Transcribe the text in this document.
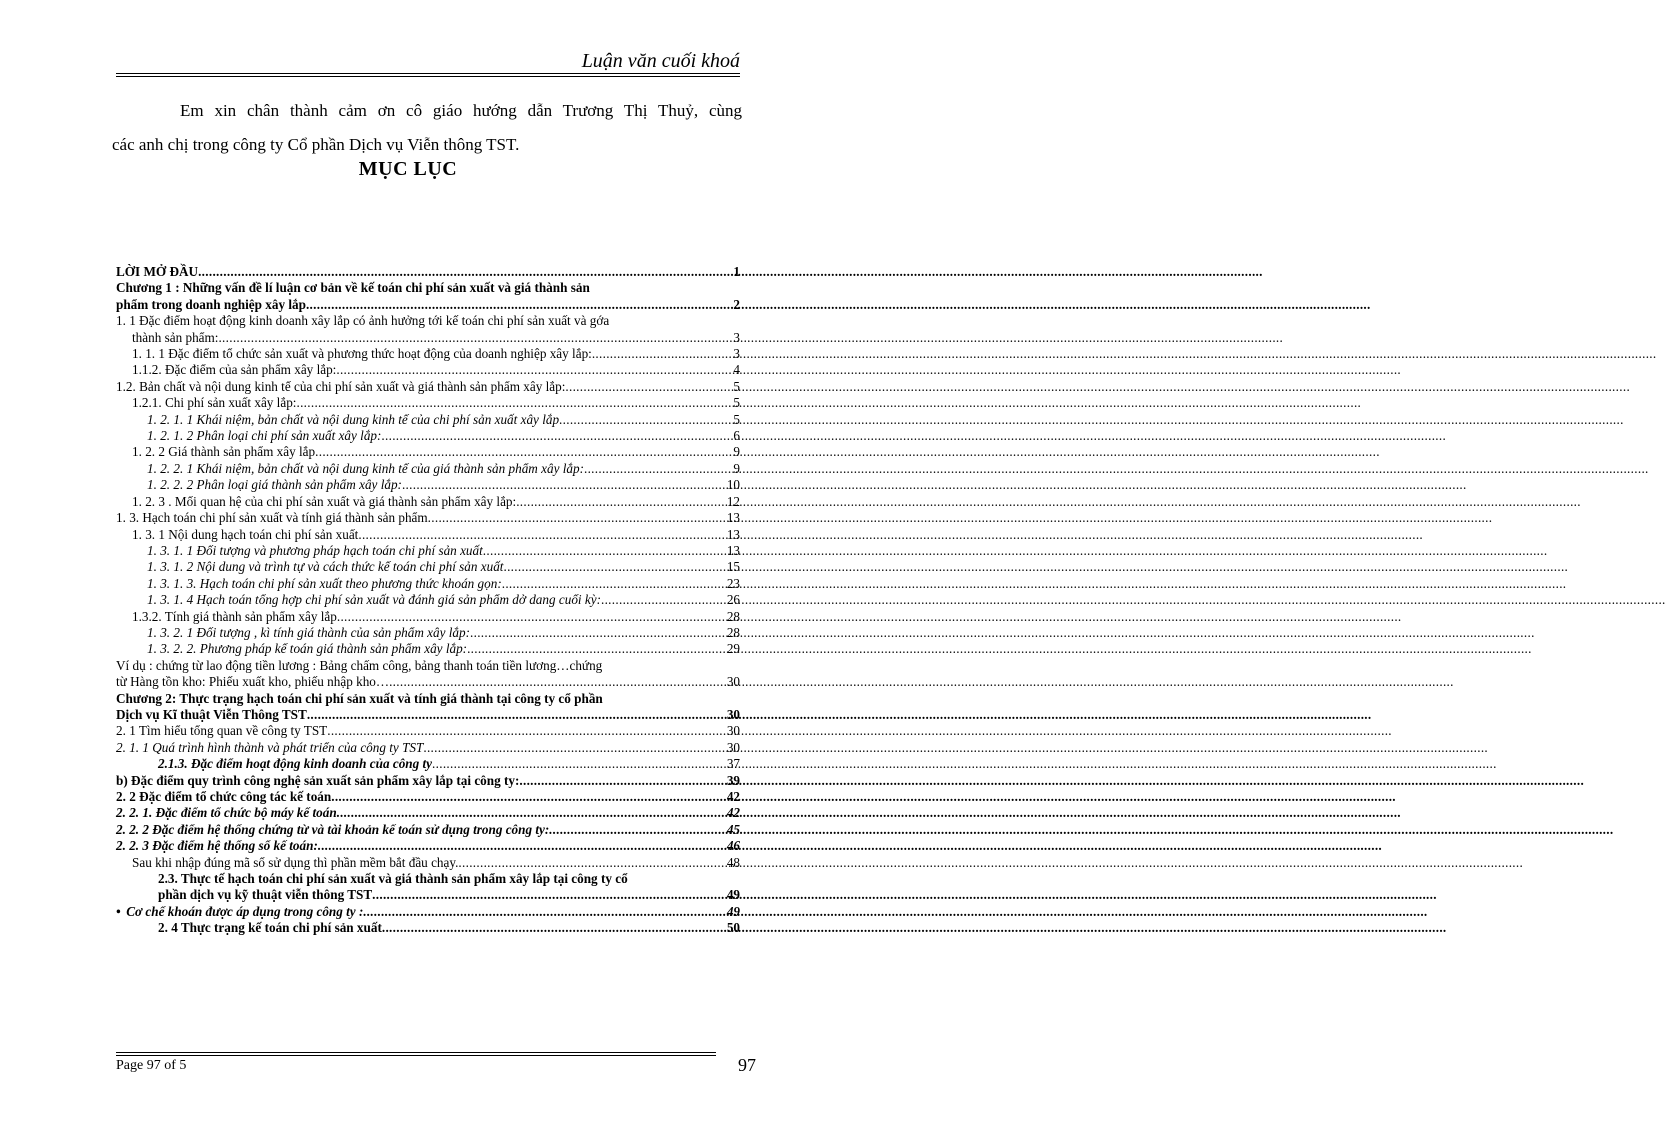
Luận văn cuối khoá
Em xin chân thành cảm ơn cô giáo hướng dẫn Trương Thị Thuỷ, cùng
các anh chị trong công ty Cổ phần Dịch vụ Viễn thông TST.
MỤC LỤC
LỜI MỞ ĐẦU .....	1
Chương 1 : Những vấn đề lí luận cơ bản về kế toán chi phí sản xuất và giá thành sản
phẩm trong doanh nghiệp xây lắp .....	2
1. 1 Đặc điểm hoạt động kinh doanh xây lắp có ảnh hưởng tới kế toán chi phí sản xuất và gớa
thành sản phẩm: .....	3
1. 1. 1 Đặc điểm tổ chức sản xuất và phương thức hoạt động của doanh nghiệp xây lắp: .....	3
1.1.2. Đặc điểm của sản phẩm xây lắp: .....	4
1.2. Bản chất và nội dung kinh tế của chi phí sản xuất và giá thành sản phẩm xây lắp: .....	5
1.2.1. Chi phí sản xuất xây lắp: .....	5
1. 2. 1. 1 Khái niệm, bản chất và nội dung kinh tế của chi phí sản xuất xây lắp .....	5
1. 2. 1. 2 Phân loại chi phí sản xuất xây lắp: .....	6
1. 2. 2 Giá thành sản phẩm xây lắp .....	9
1. 2. 2. 1 Khái niệm, bản chất và nội dung kinh tế của giá thành sản phẩm xây lắp: .....	9
1. 2. 2. 2 Phân loại giá thành sản phẩm xây lắp: .....	10
1. 2. 3 . Mối quan hệ của chi phí sản xuất và giá thành sản phẩm xây lắp: .....	12
1. 3. Hạch toán chi phí sản xuất và tính giá thành sản phẩm .....	13
1. 3. 1 Nội dung hạch toán chi phí sản xuất .....	13
1. 3. 1. 1 Đối tượng và phương pháp hạch toán chi phí sản xuất .....	13
1. 3. 1. 2 Nội dung và trình tự và cách thức kế toán chi phí sản xuất .....	15
1. 3. 1. 3. Hạch toán chi phí sản xuất theo phương thức khoán gọn: .....	23
1. 3. 1. 4 Hạch toán tổng hợp chi phí sản xuất và đánh giá sản phẩm dở dang cuối kỳ: .....	26
1.3.2. Tính giá thành sản phẩm xây lắp .....	28
1. 3. 2. 1 Đối tượng , kì tính giá thành của sản phẩm xây lắp: .....	28
1. 3. 2. 2. Phương pháp kế toán giá thành sản phẩm xây lắp: .....	29
Ví dụ : chứng từ lao động tiền lương : Bảng chấm công, bảng thanh toán tiền lương…chứng
từ Hàng tồn kho: Phiếu xuất kho, phiếu nhập kho… .....	30
Chương 2: Thực trạng hạch toán chi phí sản xuất và tính giá thành tại công ty cổ phần
Dịch vụ Kĩ thuật Viễn Thông TST .....	30
2. 1 Tìm hiểu tổng quan về công ty TST .....	30
2. 1. 1 Quá trình hình thành và phát triển của công ty TST .....	30
2.1.3. Đặc điểm hoạt động kinh doanh của công ty .....	37
b) Đặc điểm quy trình công nghệ sản xuất sản phẩm xây lắp tại công ty: .....	39
2. 2 Đặc điểm tổ chức công tác kế toán .....	42
2. 2. 1. Đặc điểm tổ chức bộ máy kế toán .....	42
2. 2. 2 Đặc điểm hệ thống chứng từ và tài khoản kế toán sử dụng trong công ty: .....	45
2. 2. 3 Đặc điểm hệ thống sổ kế toán: .....	46
Sau khi nhập đúng mã số sử dụng thì phần mềm bắt đầu chạy. .....	48
2.3. Thực tế hạch toán chi phí sản xuất và giá thành sản phẩm xây lắp tại công ty cổ
phần dịch vụ kỹ thuật viễn thông TST .....	49
• Cơ chế khoán được áp dụng trong công ty : .....	49
2. 4 Thực trạng kế toán chi phí sản xuất .....	50
Page 97 of 5	97
